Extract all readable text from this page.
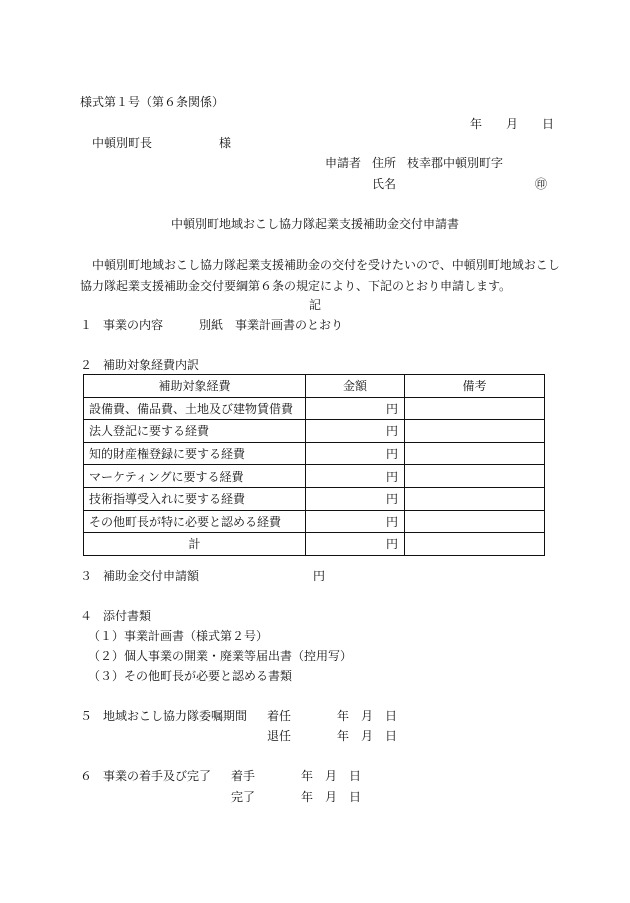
様式第１号（第６条関係）
年　　月　　日
中頓別町長	様
申請者 住所 枝幸郡中頓別町字
氏名	㊞
中頓別町地域おこし協力隊起業支援補助金交付申請書
　中頓別町地域おこし協力隊起業支援補助金の交付を受けたいので、中頓別町地域おこし
協力隊起業支援補助金交付要綱第６条の規定により、下記のとおり申請します。
記
１ 事業の内容	別紙　事業計画書のとおり
２ 補助対象経費内訳
補助対象経費	金額	備考
設備費、備品費、土地及び建物賃借費	円	
法人登記に要する経費	円	
知的財産権登録に要する経費	円	
マーケティングに要する経費	円	
技術指導受入れに要する経費	円	
その他町長が特に必要と認める経費	円	
計	円	
３ 補助金交付申請額	円
４ 添付書類
（１） 事業計画書（様式第２号）
（２） 個人事業の開業・廃業等届出書（控用写）
（３） その他町長が必要と認める書類
５ 地域おこし協力隊委嘱期間 着任	年　月　日
退任	年　月　日
６ 事業の着手及び完了 着手	年　月　日
完了	年　月　日
